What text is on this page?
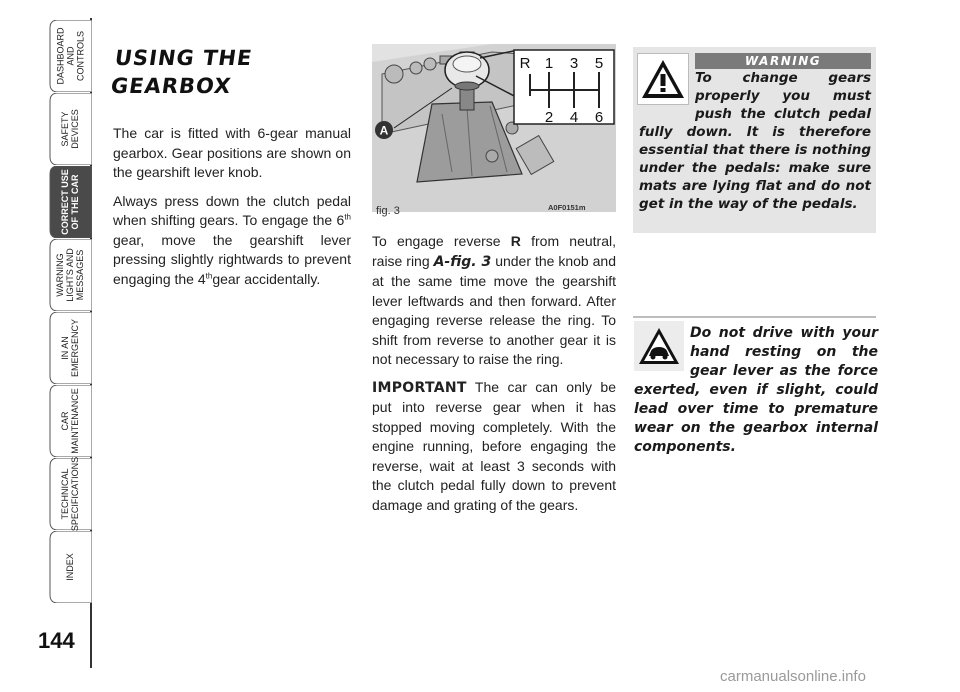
DASHBOARD
AND
CONTROLS
SAFETY
DEVICES
CORRECT USE
OF THE CAR
WARNING
LIGHTS AND
MESSAGES
IN AN
EMERGENCY
CAR
MAINTENANCE
TECHNICAL
SPECIFICATIONS
INDEX
144
USING THE
GEARBOX

The car is fitted with 6-gear manual gearbox. Gear positions are shown on the gearshift lever knob.

Always press down the clutch pedal when shifting gears. To engage the 6th gear, move the gearshift lever pressing slightly rightwards to prevent engaging the 4thgear accidentally.

R 1 3 5
2 4 6
A
fig. 3	A0F0151m

To engage reverse R from neutral, raise ring A-fig. 3 under the knob and at the same time move the gearshift lever leftwards and then forward. After engaging reverse release the ring. To shift from reverse to another gear it is not necessary to raise the ring.

IMPORTANT The car can only be put into reverse gear when it has stopped moving completely. With the engine running, before engaging the reverse, wait at least 3 seconds with the clutch pedal fully down to prevent damage and grating of the gears.

WARNING
To change gears properly you must push the clutch pedal fully down. It is therefore essential that there is nothing under the pedals: make sure mats are lying flat and do not get in the way of the pedals.
Do not drive with your hand resting on the gear lever as the force exerted, even if slight, could lead over time to premature wear on the gearbox internal components.
carmanualsonline.info
